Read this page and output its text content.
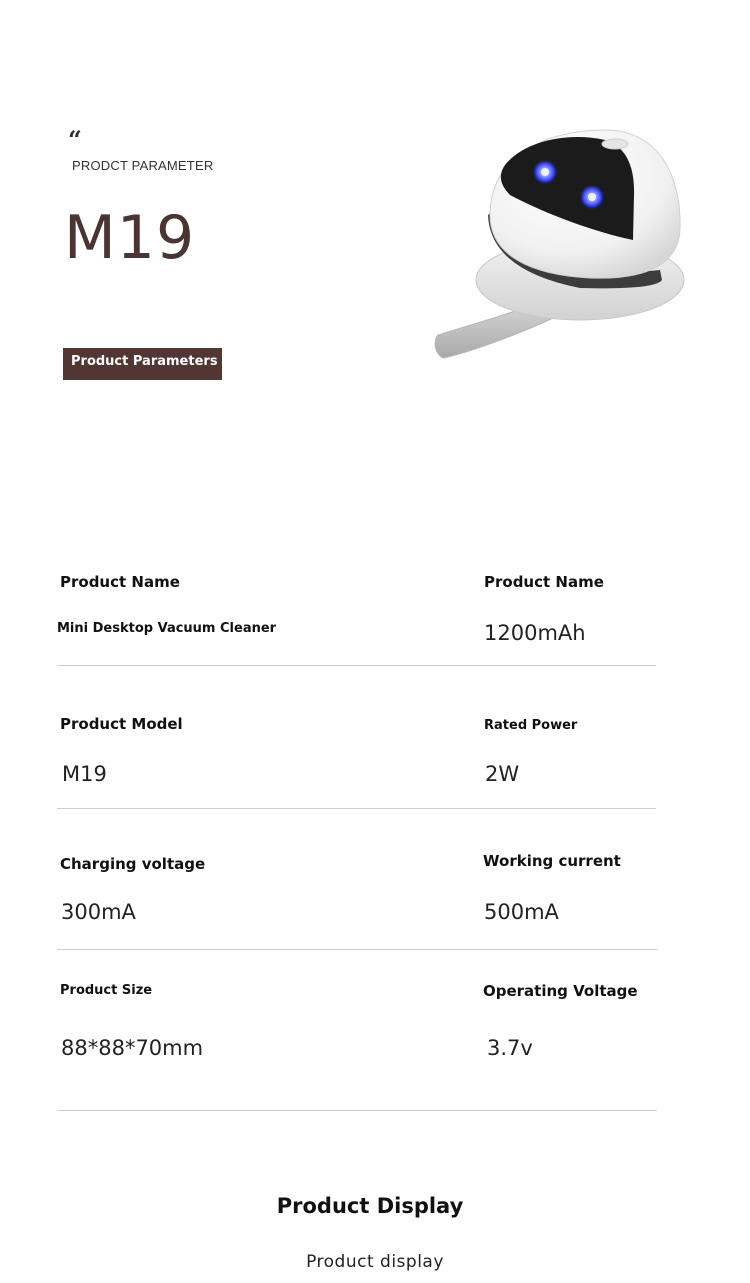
“
PRODCT PARAMETER
M19
Product Parameters
Product Name
Mini Desktop Vacuum Cleaner
Product Name
1200mAh
Product Model
M19
Rated Power
2W
Charging voltage
300mA
Working current
500mA
Product Size
88*88*70mm
Operating Voltage
3.7v
Product Display
Product display
